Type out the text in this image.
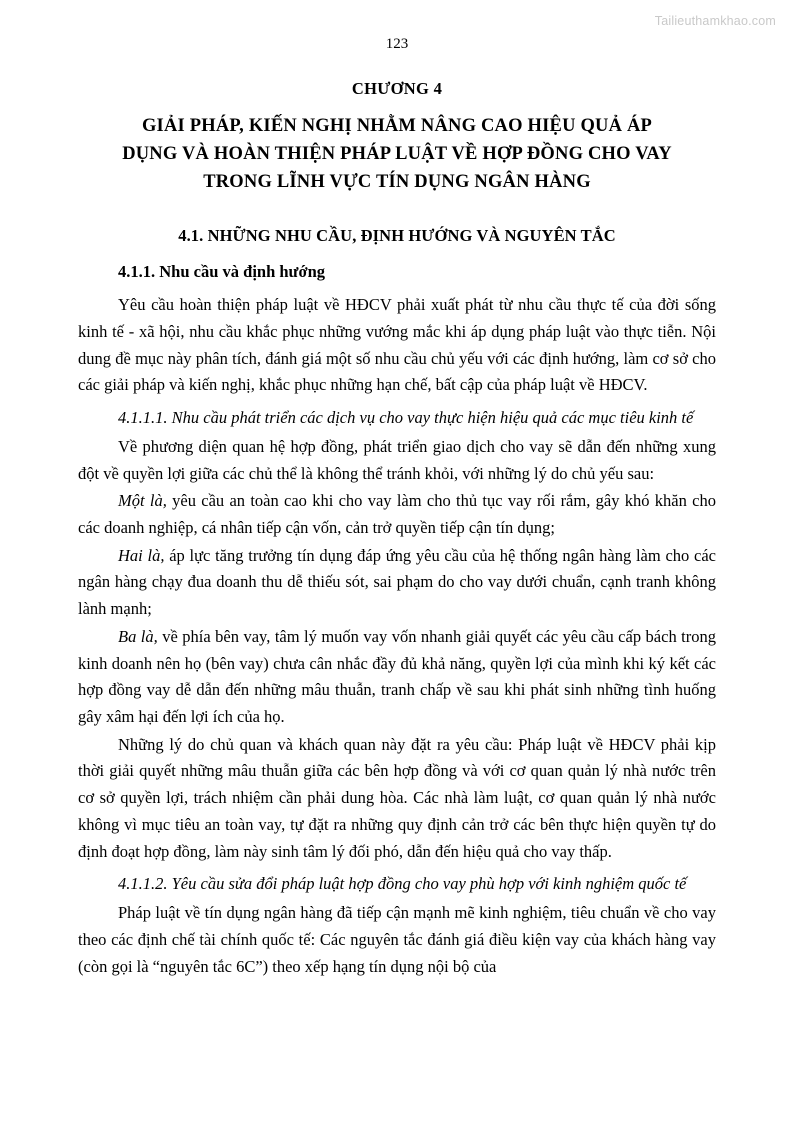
Tailieuthamkhao.com
123
CHƯƠNG 4
GIẢI PHÁP, KIẾN NGHỊ NHẰM NÂNG CAO HIỆU QUẢ ÁP
DỤNG VÀ HOÀN THIỆN PHÁP LUẬT VỀ HỢP ĐỒNG CHO VAY
TRONG LĨNH VỰC TÍN DỤNG NGÂN HÀNG
4.1. NHỮNG NHU CẦU, ĐỊNH HƯỚNG VÀ NGUYÊN TẮC
4.1.1. Nhu cầu và định hướng

Yêu cầu hoàn thiện pháp luật về HĐCV phải xuất phát từ nhu cầu thực tế của đời sống kinh tế - xã hội, nhu cầu khắc phục những vướng mắc khi áp dụng pháp luật vào thực tiễn. Nội dung đề mục này phân tích, đánh giá một số nhu cầu chủ yếu với các định hướng, làm cơ sở cho các giải pháp và kiến nghị, khắc phục những hạn chế, bất cập của pháp luật về HĐCV.

4.1.1.1. Nhu cầu phát triển các dịch vụ cho vay thực hiện hiệu quả các mục tiêu kinh tế

Về phương diện quan hệ hợp đồng, phát triển giao dịch cho vay sẽ dẫn đến những xung đột về quyền lợi giữa các chủ thể là không thể tránh khỏi, với những lý do chủ yếu sau:

Một là, yêu cầu an toàn cao khi cho vay làm cho thủ tục vay rối rắm, gây khó khăn cho các doanh nghiệp, cá nhân tiếp cận vốn, cản trở quyền tiếp cận tín dụng;

Hai là, áp lực tăng trưởng tín dụng đáp ứng yêu cầu của hệ thống ngân hàng làm cho các ngân hàng chạy đua doanh thu dễ thiếu sót, sai phạm do cho vay dưới chuẩn, cạnh tranh không lành mạnh;

Ba là, về phía bên vay, tâm lý muốn vay vốn nhanh giải quyết các yêu cầu cấp bách trong kinh doanh nên họ (bên vay) chưa cân nhắc đầy đủ khả năng, quyền lợi của mình khi ký kết các hợp đồng vay dễ dẫn đến những mâu thuẫn, tranh chấp về sau khi phát sinh những tình huống gây xâm hại đến lợi ích của họ.

Những lý do chủ quan và khách quan này đặt ra yêu cầu: Pháp luật về HĐCV phải kịp thời giải quyết những mâu thuẫn giữa các bên hợp đồng và với cơ quan quản lý nhà nước trên cơ sở quyền lợi, trách nhiệm cần phải dung hòa. Các nhà làm luật, cơ quan quản lý nhà nước không vì mục tiêu an toàn vay, tự đặt ra những quy định cản trở các bên thực hiện quyền tự do định đoạt hợp đồng, làm này sinh tâm lý đối phó, dẫn đến hiệu quả cho vay thấp.

4.1.1.2. Yêu cầu sửa đổi pháp luật hợp đồng cho vay phù hợp với kinh nghiệm quốc tế

Pháp luật về tín dụng ngân hàng đã tiếp cận mạnh mẽ kinh nghiệm, tiêu chuẩn về cho vay theo các định chế tài chính quốc tế: Các nguyên tắc đánh giá điều kiện vay của khách hàng vay (còn gọi là “nguyên tắc 6C”) theo xếp hạng tín dụng nội bộ của
